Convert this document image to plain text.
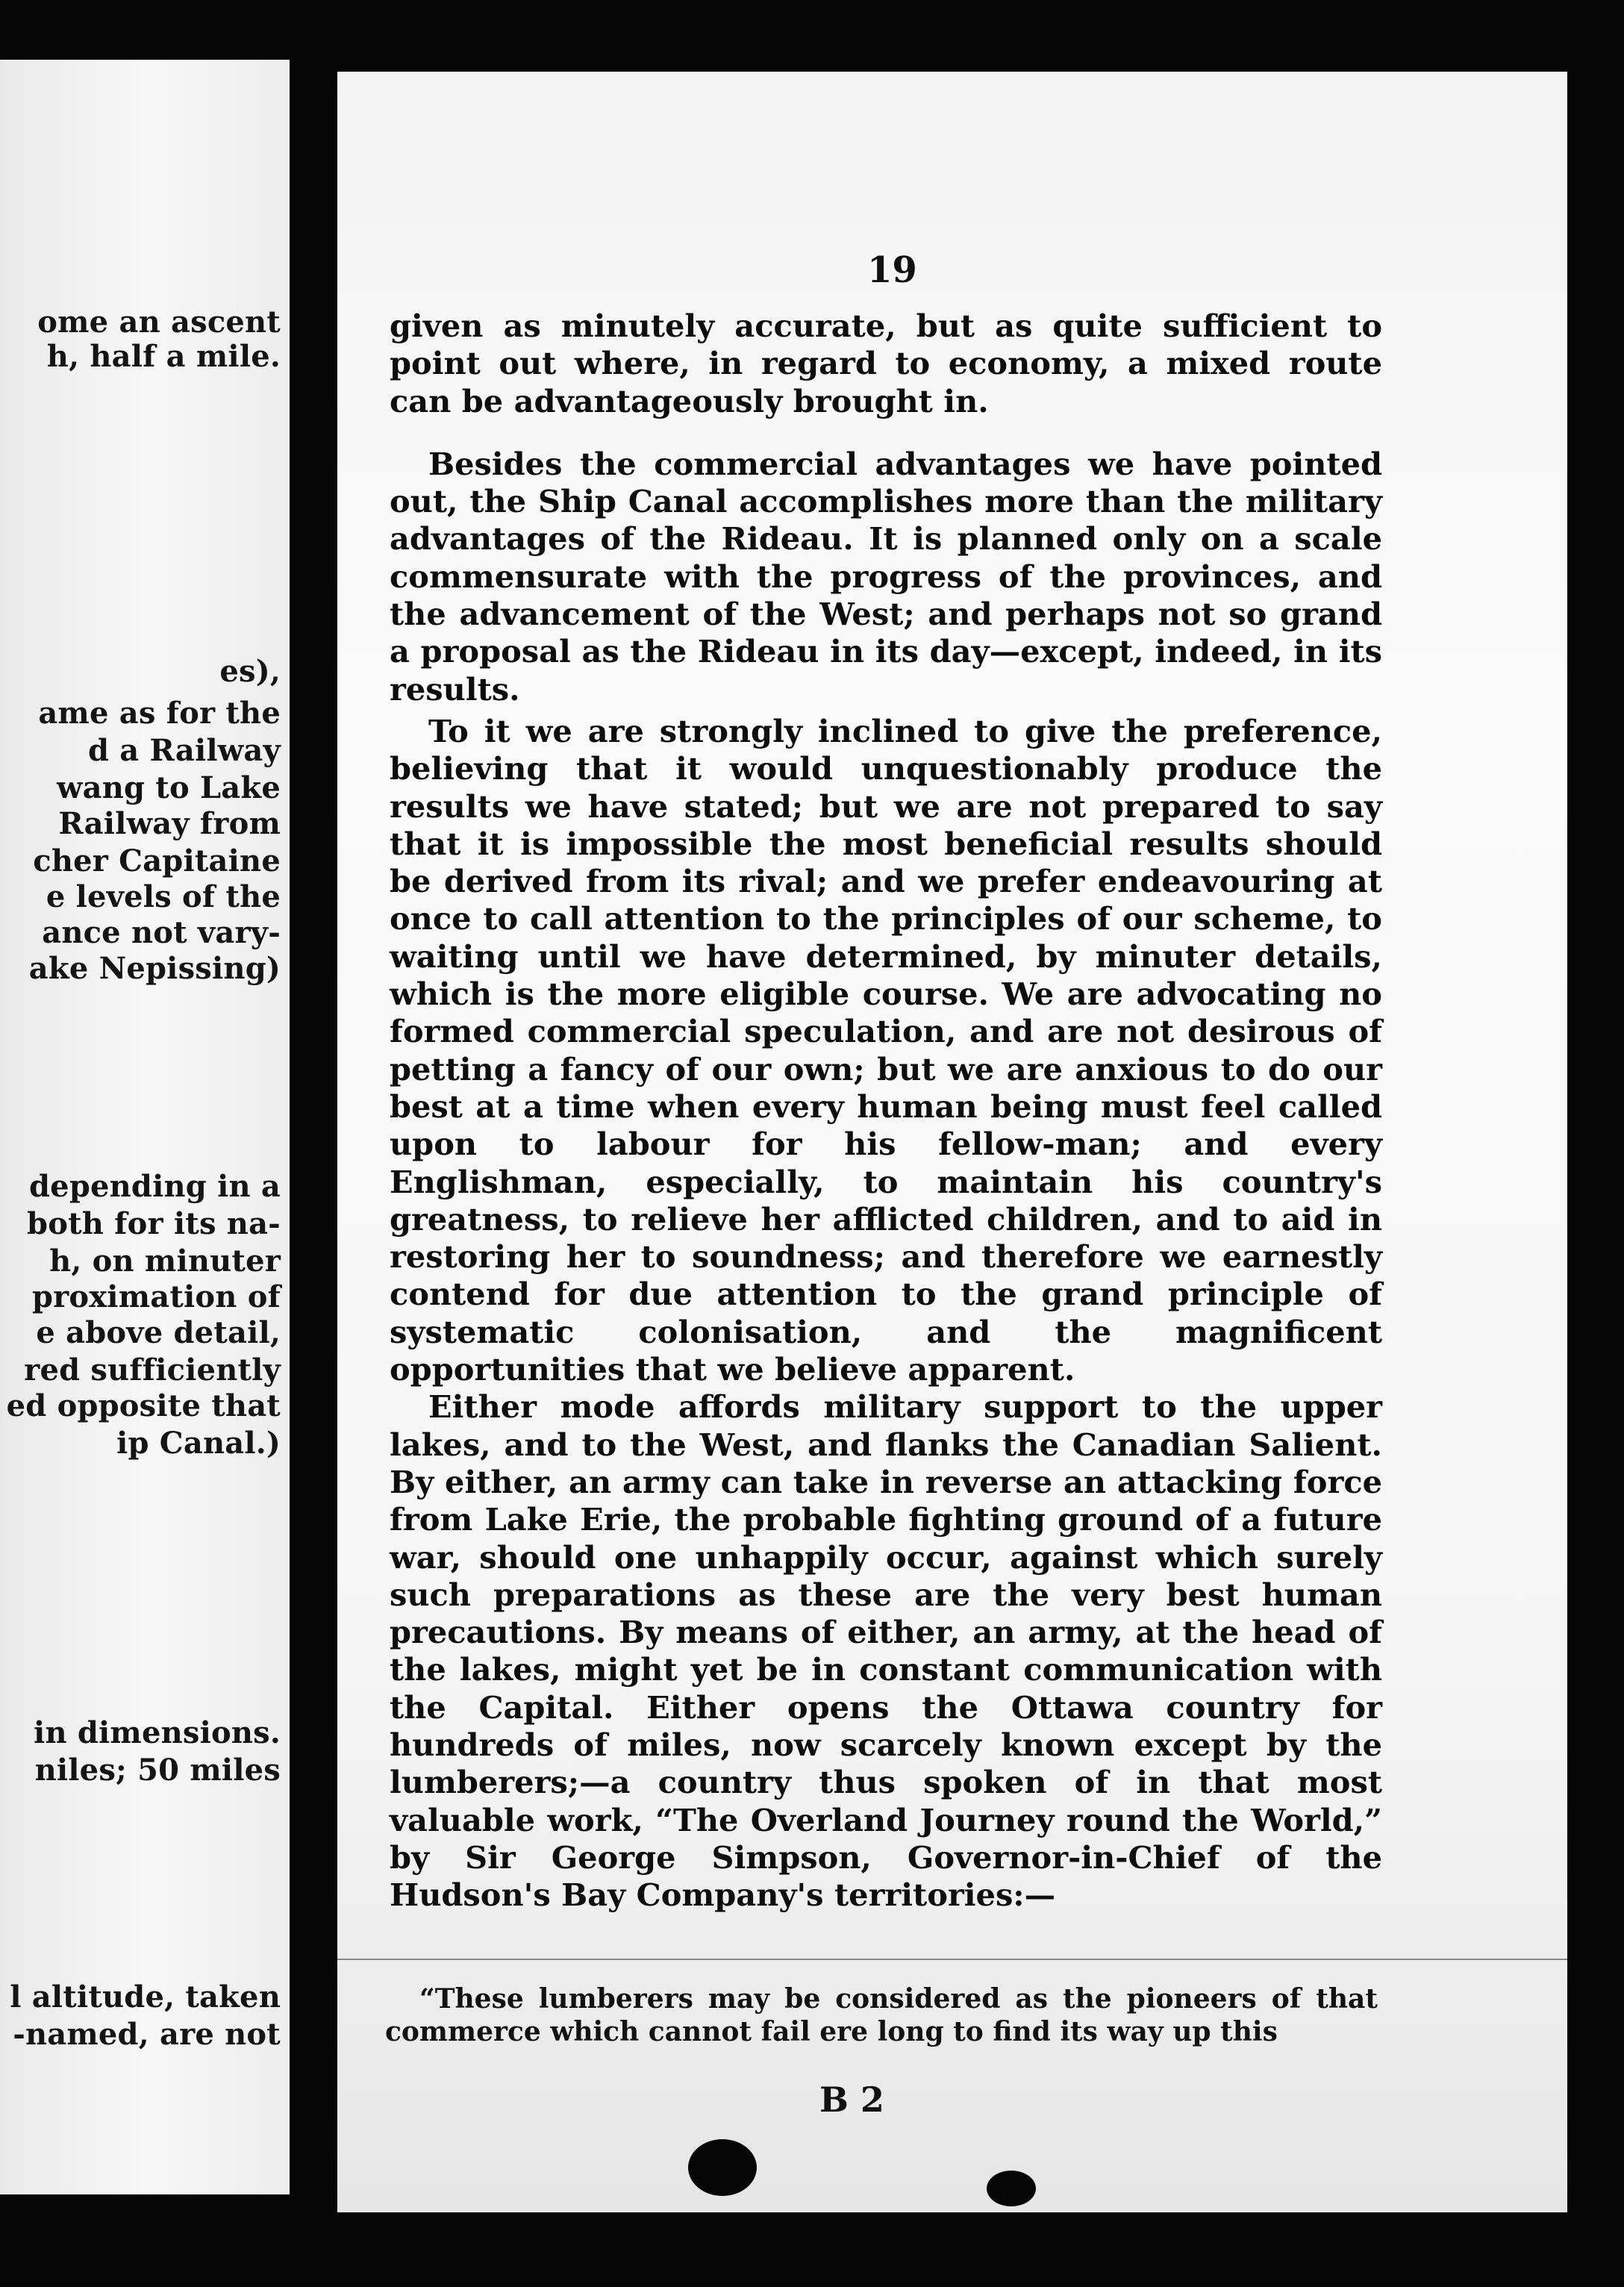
ome an ascent
h, half a mile.
es),
ame as for the
d a Railway
wang to Lake
Railway from
cher Capitaine
e levels of the
ance not vary-
ake Nepissing)
depending in a
both for its na-
h, on minuter
proximation of
e above detail,
red sufficiently
ed opposite that
ip Canal.)
in dimensions.
niles; 50 miles
l altitude, taken
-named, are not
19

given as minutely accurate, but as quite sufficient to point out where, in regard to economy, a mixed route can be advantageously brought in.

Besides the commercial advantages we have pointed out, the Ship Canal accomplishes more than the military advantages of the Rideau. It is planned only on a scale commensurate with the progress of the provinces, and the advancement of the West; and perhaps not so grand a proposal as the Rideau in its day—except, indeed, in its results.

To it we are strongly inclined to give the preference, believing that it would unquestionably produce the results we have stated; but we are not prepared to say that it is impossible the most beneficial results should be derived from its rival; and we prefer endeavouring at once to call attention to the principles of our scheme, to waiting until we have determined, by minuter details, which is the more eligible course. We are advocating no formed commercial speculation, and are not desirous of petting a fancy of our own; but we are anxious to do our best at a time when every human being must feel called upon to labour for his fellow-man; and every Englishman, especially, to maintain his country's greatness, to relieve her afflicted children, and to aid in restoring her to soundness; and therefore we earnestly contend for due attention to the grand principle of systematic colonisation, and the magnificent opportunities that we believe apparent.

Either mode affords military support to the upper lakes, and to the West, and flanks the Canadian Salient. By either, an army can take in reverse an attacking force from Lake Erie, the probable fighting ground of a future war, should one unhappily occur, against which surely such preparations as these are the very best human precautions. By means of either, an army, at the head of the lakes, might yet be in constant communication with the Capital. Either opens the Ottawa country for hundreds of miles, now scarcely known except by the lumberers;—a country thus spoken of in that most valuable work, “The Overland Journey round the World,” by Sir George Simpson, Governor-in-Chief of the Hudson's Bay Company's territories:—

“These lumberers may be considered as the pioneers of that commerce which cannot fail ere long to find its way up this
B 2
